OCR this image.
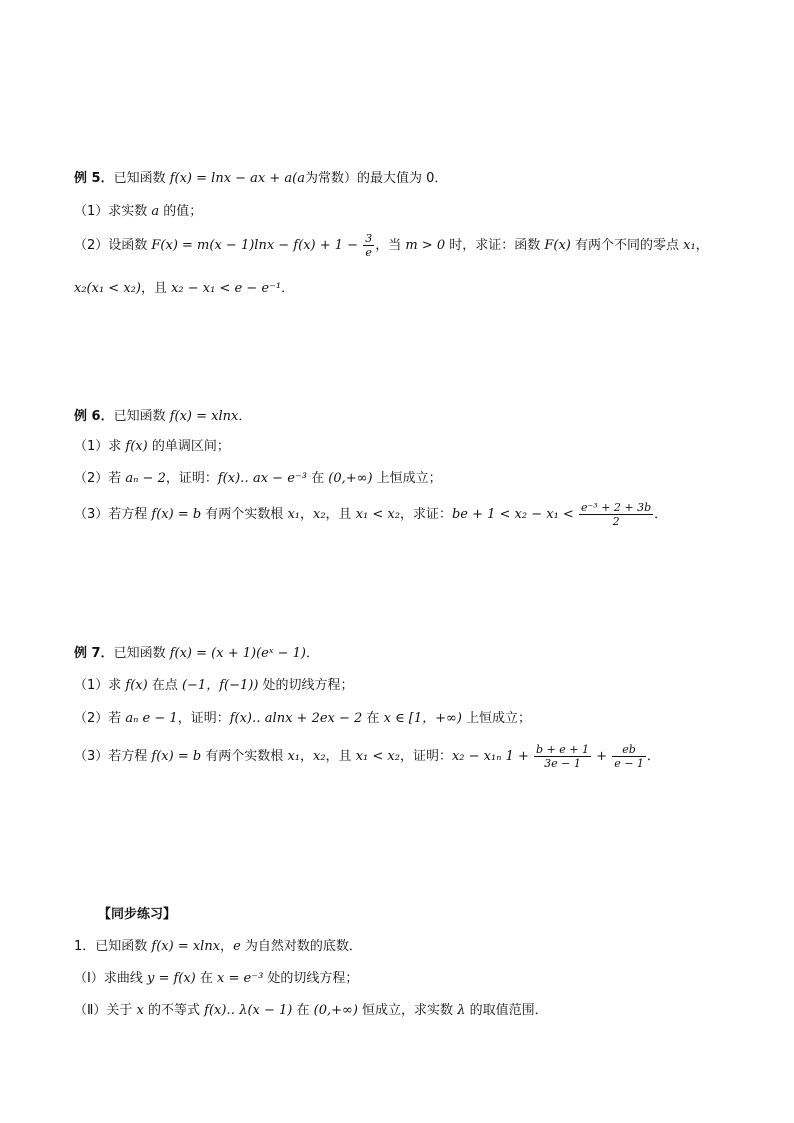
例 5．已知函数 f(x) = lnx − ax + a(a为常数）的最大值为 0．
（1）求实数 a 的值；
（2）设函数 $F(x) = m(x - 1)\ln x - f(x) + 1 - \frac{3}{e}$ ，当 m > 0 时，求证：函数 F(x) 有两个不同的零点 x₁，
x₂(x₁ < x₂)，且 x₂ − x₁ < e − e⁻¹．
例 6．已知函数 f(x) = xlnx．
（1）求 f(x) 的单调区间；
（2）若 aₙ − 2，证明：f(x)‥ ax − e⁻³ 在 (0,+∞) 上恒成立；
（3）若方程 f(x) = b 有两个实数根 x₁，x₂，且 x₁ < x₂，求证：be + $1 < x_2 - x_1 < \frac{\text{e⁻³ + 2 + 3b}}{2}$ ．
例 7．已知函数 f(x) = (x + 1)(eˣ − 1)．
（1）求 f(x) 在点 (−1，f(−1)) 处的切线方程；
（2）若 aₙ e − 1，证明：f(x)‥ alnx + 2ex − 2 在 x ∈ [1，+∞) 上恒成立；
（3）若方程 f(x) = b 有两个实数根 x₁，x₂，且 x₁ < x₂，证明：x₂ − x₁ₙ $1 + \frac{b + e + 1}{3e - 1} + \frac{eb}{e - 1}$ ．
【同步练习】
1．已知函数 f(x) = xlnx，e 为自然对数的底数．
（Ⅰ）求曲线 y = f(x) 在 x = e⁻³ 处的切线方程；
（Ⅱ）关于 x 的不等式 f(x)‥ λ(x − 1) 在 (0,+∞) 恒成立，求实数 λ 的取值范围．
